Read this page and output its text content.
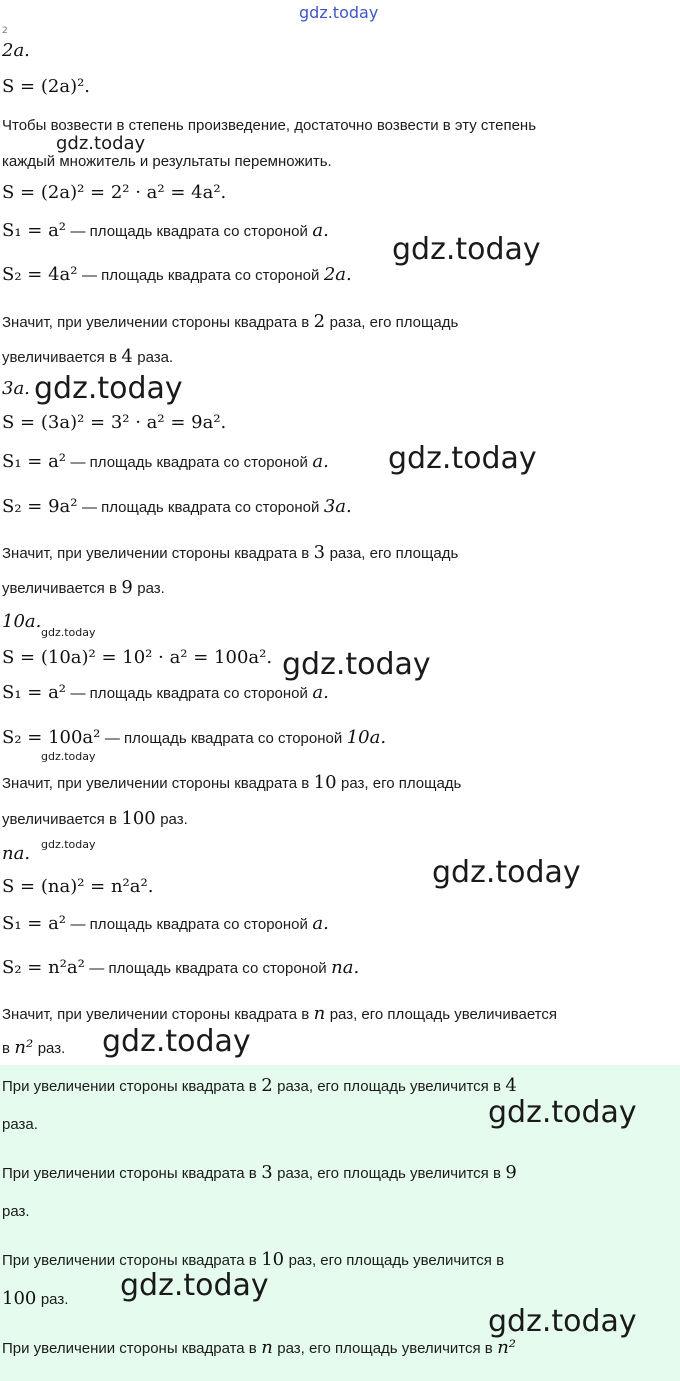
gdz.today
2
2a.
S = (2a)².
Чтобы возвести в степень произведение, достаточно возвести в эту степень
gdz.today
каждый множитель и результаты перемножить.
S = (2a)² = 2² · a² = 4a².
S₁ = a² — площадь квадрата со стороной a.
gdz.today
S₂ = 4a² — площадь квадрата со стороной 2a.
Значит, при увеличении стороны квадрата в 2 раза, его площадь
увеличивается в 4 раза.
3a. gdz.today
S = (3a)² = 3² · a² = 9a².
S₁ = a² — площадь квадрата со стороной a. gdz.today
S₂ = 9a² — площадь квадрата со стороной 3a.
Значит, при увеличении стороны квадрата в 3 раза, его площадь
увеличивается в 9 раз.
10a.
gdz.today
S = (10a)² = 10² · a² = 100a². gdz.today
S₁ = a² — площадь квадрата со стороной a.
S₂ = 100a² — площадь квадрата со стороной 10a.
gdz.today
Значит, при увеличении стороны квадрата в 10 раз, его площадь
увеличивается в 100 раз.
na. gdz.today
gdz.today
S = (na)² = n²a².
S₁ = a² — площадь квадрата со стороной a.
S₂ = n²a² — площадь квадрата со стороной na.
Значит, при увеличении стороны квадрата в n раз, его площадь увеличивается
в n² раз. gdz.today
При увеличении стороны квадрата в 2 раза, его площадь увеличится в 4
раза.	gdz.today
При увеличении стороны квадрата в 3 раза, его площадь увеличится в 9
раз.
При увеличении стороны квадрата в 10 раз, его площадь увеличится в
100 раз. gdz.today
gdz.today
При увеличении стороны квадрата в n раз, его площадь увеличится в n²
